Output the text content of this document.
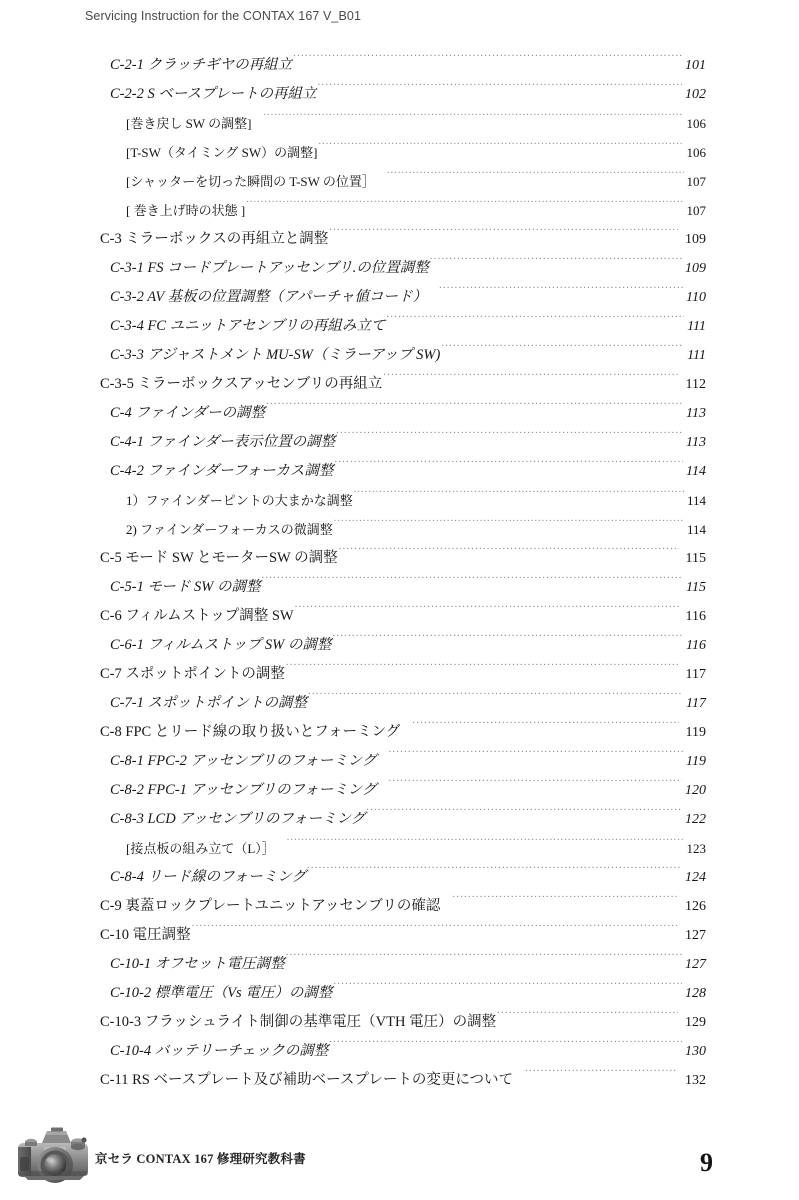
Servicing Instruction for the CONTAX 167 V_B01
C-2-1 クラッチギヤの再組立 .....	101
C-2-2 S ベースプレートの再組立 .....	102
[巻き戻し SW の調整] .....	106
[T-SW（タイミング SW）の調整] .....	106
[シャッターを切った瞬間の T-SW の位置］ .....	107
[ 巻き上げ時の状態 ] .....	107
C-3 ミラーボックスの再組立と調整 .....	109
C-3-1 FS コードプレートアッセンブリ.の位置調整 .....	109
C-3-2 AV 基板の位置調整（アパーチャ値コード） .....	110
C-3-4 FC ユニットアセンブリの再組み立て .....	111
C-3-3 アジャストメント MU-SW（ミラーアップ SW) .....	111
C-3-5 ミラーボックスアッセンブリの再組立 .....	112
C-4 ファインダーの調整 .....	113
C-4-1 ファインダー表示位置の調整 .....	113
C-4-2 ファインダーフォーカス調整 .....	114
1）ファインダーピントの大まかな調整 .....	114
2) ファインダーフォーカスの微調整 .....	114
C-5 モード SW とモーターSW の調整 .....	115
C-5-1 モード SW の調整 .....	115
C-6 フィルムストップ調整 SW .....	116
C-6-1 フィルムストップ SW の調整 .....	116
C-7 スポットポイントの調整 .....	117
C-7-1 スポットポイントの調整 .....	117
C-8 FPC とリード線の取り扱いとフォーミング .....	119
C-8-1 FPC-2 アッセンブリのフォーミング .....	119
C-8-2 FPC-1 アッセンブリのフォーミング .....	120
C-8-3 LCD アッセンブリのフォーミング .....	122
[接点板の組み立て（L）］ .....	123
C-8-4 リード線のフォーミング .....	124
C-9 裏蓋ロックプレートユニットアッセンブリの確認 .....	126
C-10 電圧調整 .....	127
C-10-1 オフセット電圧調整 .....	127
C-10-2 標準電圧（Vs 電圧）の調整 .....	128
C-10-3 フラッシュライト制御の基準電圧（VTH 電圧）の調整 .....	129
C-10-4 バッテリーチェックの調整 .....	130
C-11 RS ベースプレート及び補助ベースプレートの変更について .....	132
京セラ CONTAX 167 修理研究教科書	9
